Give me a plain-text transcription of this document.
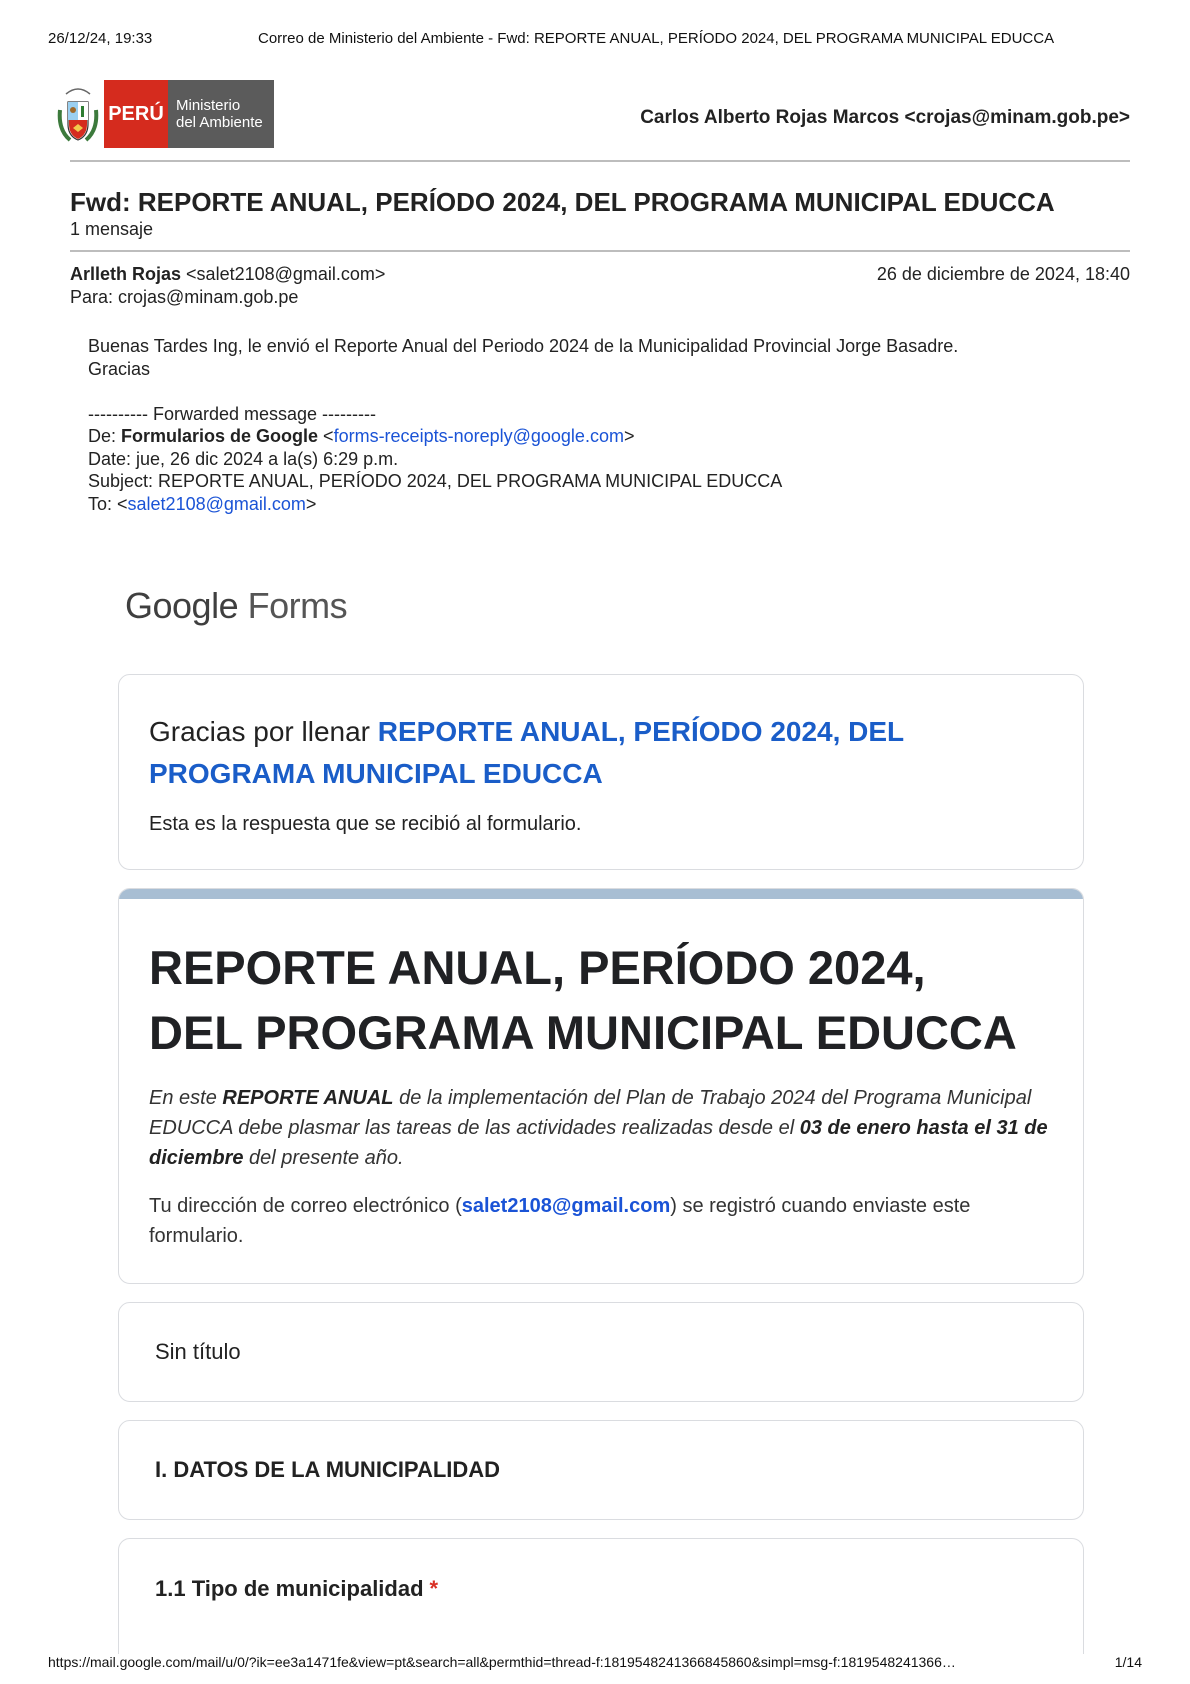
26/12/24, 19:33	Correo de Ministerio del Ambiente - Fwd: REPORTE ANUAL, PERÍODO 2024, DEL PROGRAMA MUNICIPAL EDUCCA
PERÚ Ministerio
del Ambiente	Carlos Alberto Rojas Marcos <crojas@minam.gob.pe>
Fwd: REPORTE ANUAL, PERÍODO 2024, DEL PROGRAMA MUNICIPAL EDUCCA
1 mensaje
Arlleth Rojas <salet2108@gmail.com>	26 de diciembre de 2024, 18:40
Para: crojas@minam.gob.pe
Buenas Tardes Ing, le envió el Reporte Anual del Periodo 2024 de la Municipalidad Provincial Jorge Basadre.
Gracias
---------- Forwarded message ---------
De: Formularios de Google <forms-receipts-noreply@google.com>
Date: jue, 26 dic 2024 a la(s) 6:29 p.m.
Subject: REPORTE ANUAL, PERÍODO 2024, DEL PROGRAMA MUNICIPAL EDUCCA
To: <salet2108@gmail.com>
Google Forms
Gracias por llenar REPORTE ANUAL, PERÍODO 2024, DEL PROGRAMA MUNICIPAL EDUCCA
Esta es la respuesta que se recibió al formulario.
REPORTE ANUAL, PERÍODO 2024,
DEL PROGRAMA MUNICIPAL EDUCCA
En este REPORTE ANUAL de la implementación del Plan de Trabajo 2024 del Programa Municipal EDUCCA debe plasmar las tareas de las actividades realizadas desde el 03 de enero hasta el 31 de diciembre del presente año.
Tu dirección de correo electrónico (salet2108@gmail.com) se registró cuando enviaste este formulario.
Sin título
I. DATOS DE LA MUNICIPALIDAD
1.1 Tipo de municipalidad *
https://mail.google.com/mail/u/0/?ik=ee3a1471fe&view=pt&search=all&permthid=thread-f:1819548241366845860&simpl=msg-f:1819548241366…	1/14
